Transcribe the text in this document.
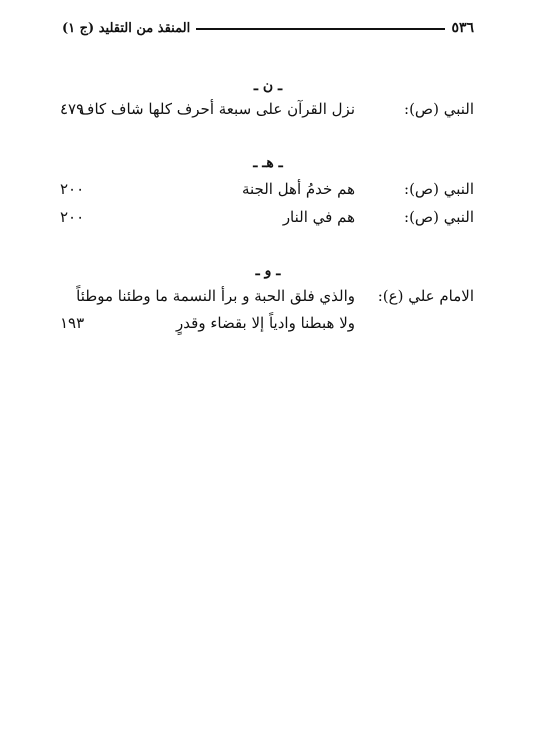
٥٣٦
المنقذ من التقليد (ج ١)
ـ ن ـ
النبي (ص):
نزل القرآن على سبعة أحرف كلها شاف كاف
٤٧٩
ـ هـ ـ
النبي (ص):
هم خدمُ أهل الجنة
٢٠٠
النبي (ص):
هم في النار
٢٠٠
ـ و ـ
الامام علي (ع):
والذي فلق الحبة و برأ النسمة ما وطئنا موطئاً
ولا هبطنا وادياً إلا بقضاء وقدرٍ
١٩٣
